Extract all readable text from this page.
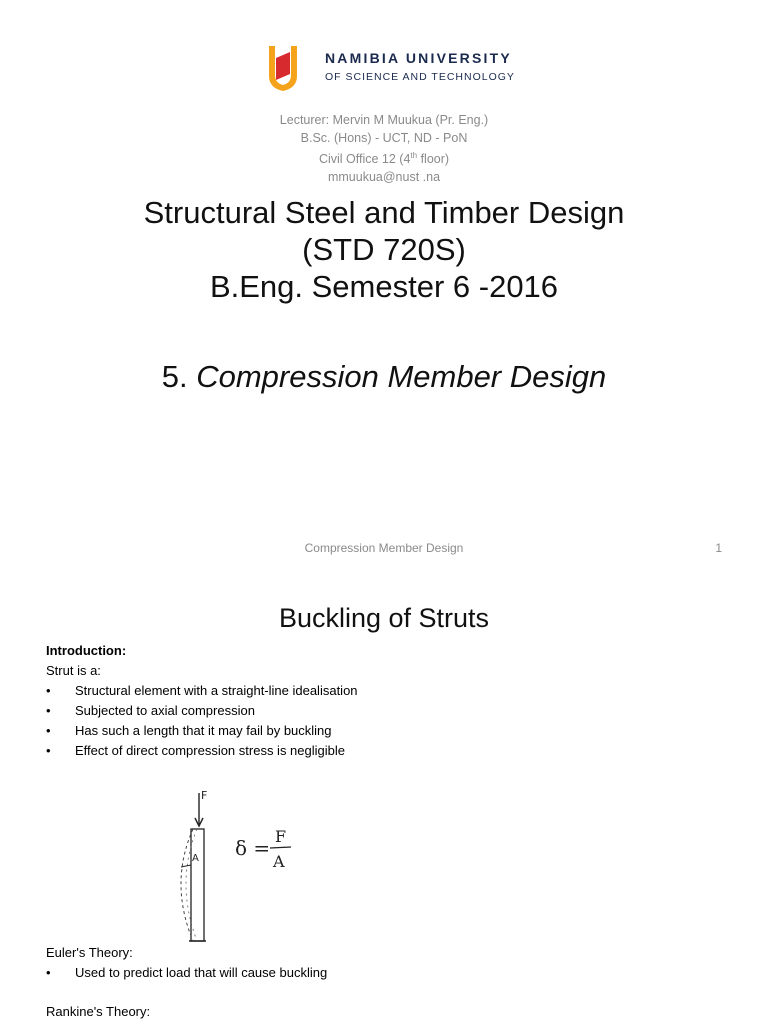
NAMIBIA UNIVERSITY
OF SCIENCE AND TECHNOLOGY
Lecturer: Mervin M Muukua (Pr. Eng.)
B.Sc. (Hons) - UCT, ND - PoN
Civil Office 12 (4th floor)
mmuukua@nust .na
Structural Steel and Timber Design
(STD 720S)
B.Eng. Semester 6 -2016
5. Compression Member Design
Compression Member Design	1
Buckling of Struts
Introduction:
Strut is a:
• Structural element with a straight-line idealisation
• Subjected to axial compression
• Has such a length that it may fail by buckling
• Effect of direct compression stress is negligible
F
A δ = F
A
Euler's Theory:
• Used to predict load that will cause buckling
Rankine's Theory:
